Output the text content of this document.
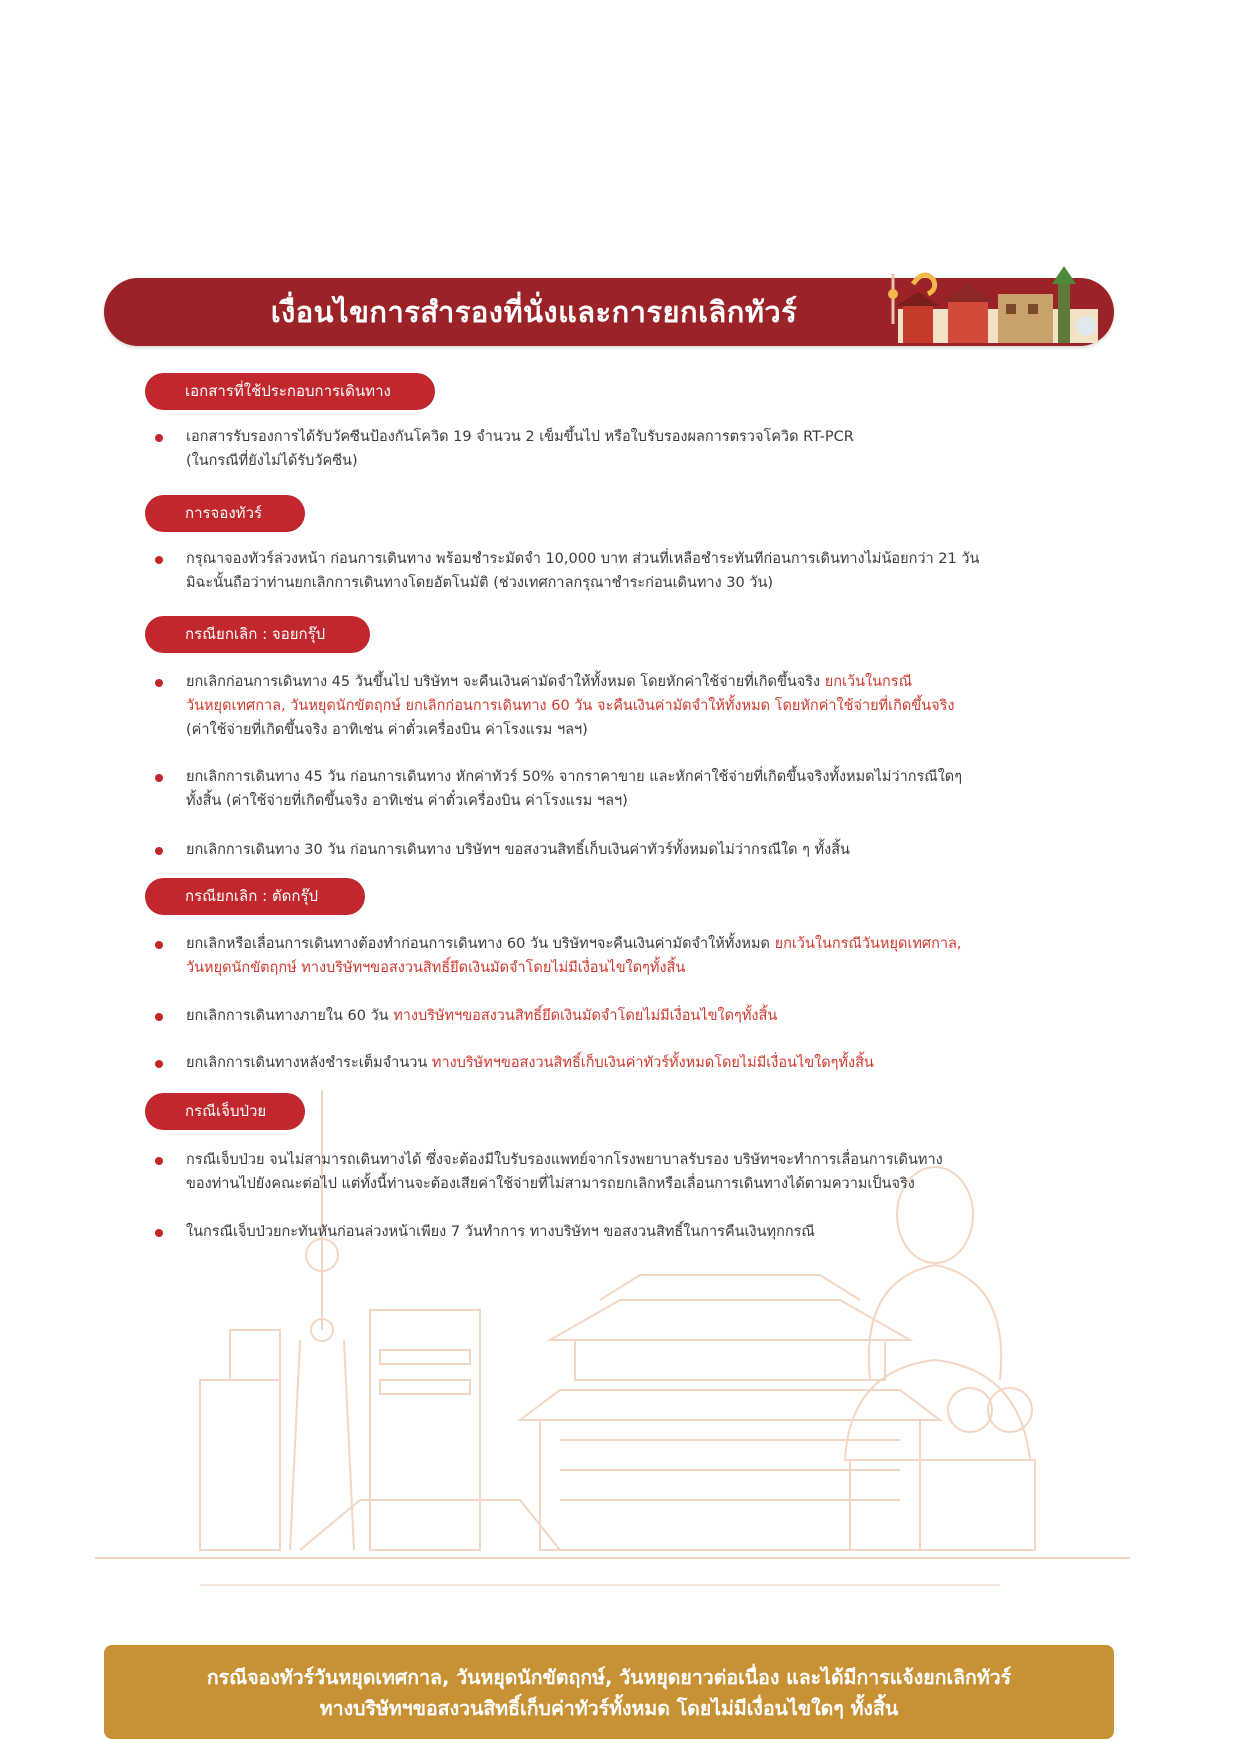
เงื่อนไขการสำรองที่นั่งและการยกเลิกทัวร์
เอกสารที่ใช้ประกอบการเดินทาง
เอกสารรับรองการได้รับวัคซีนป้องกันโควิด 19 จำนวน 2 เข็มขึ้นไป หรือใบรับรองผลการตรวจโควิด RT-PCR
(ในกรณีที่ยังไม่ได้รับวัคซีน)
การจองทัวร์
กรุณาจองทัวร์ล่วงหน้า ก่อนการเดินทาง พร้อมชำระมัดจำ 10,000 บาท ส่วนที่เหลือชำระทันทีก่อนการเดินทางไม่น้อยกว่า 21 วัน
มิฉะนั้นถือว่าท่านยกเลิกการเดินทางโดยอัตโนมัติ (ช่วงเทศกาลกรุณาชำระก่อนเดินทาง 30 วัน)
กรณียกเลิก : จอยกรุ๊ป
ยกเลิกก่อนการเดินทาง 45 วันขึ้นไป บริษัทฯ จะคืนเงินค่ามัดจำให้ทั้งหมด โดยหักค่าใช้จ่ายที่เกิดขึ้นจริง ยกเว้นในกรณี
วันหยุดเทศกาล, วันหยุดนักขัตฤกษ์ ยกเลิกก่อนการเดินทาง 60 วัน จะคืนเงินค่ามัดจำให้ทั้งหมด โดยหักค่าใช้จ่ายที่เกิดขึ้นจริง
(ค่าใช้จ่ายที่เกิดขึ้นจริง อาทิเช่น ค่าตั๋วเครื่องบิน ค่าโรงแรม ฯลฯ)
ยกเลิกการเดินทาง 45 วัน ก่อนการเดินทาง หักค่าทัวร์ 50% จากราคาขาย และหักค่าใช้จ่ายที่เกิดขึ้นจริงทั้งหมดไม่ว่ากรณีใดๆ
ทั้งสิ้น (ค่าใช้จ่ายที่เกิดขึ้นจริง อาทิเช่น ค่าตั๋วเครื่องบิน ค่าโรงแรม ฯลฯ)
ยกเลิกการเดินทาง 30 วัน ก่อนการเดินทาง บริษัทฯ ขอสงวนสิทธิ์เก็บเงินค่าทัวร์ทั้งหมดไม่ว่ากรณีใด ๆ ทั้งสิ้น
กรณียกเลิก : ตัดกรุ๊ป
ยกเลิกหรือเลื่อนการเดินทางต้องทำก่อนการเดินทาง 60 วัน บริษัทฯจะคืนเงินค่ามัดจำให้ทั้งหมด ยกเว้นในกรณีวันหยุดเทศกาล,
วันหยุดนักขัตฤกษ์ ทางบริษัทฯขอสงวนสิทธิ์ยึดเงินมัดจำโดยไม่มีเงื่อนไขใดๆทั้งสิ้น
ยกเลิกการเดินทางภายใน 60 วัน ทางบริษัทฯขอสงวนสิทธิ์ยึดเงินมัดจำโดยไม่มีเงื่อนไขใดๆทั้งสิ้น
ยกเลิกการเดินทางหลังชำระเต็มจำนวน ทางบริษัทฯขอสงวนสิทธิ์เก็บเงินค่าทัวร์ทั้งหมดโดยไม่มีเงื่อนไขใดๆทั้งสิ้น
กรณีเจ็บป่วย
กรณีเจ็บป่วย จนไม่สามารถเดินทางได้ ซึ่งจะต้องมีใบรับรองแพทย์จากโรงพยาบาลรับรอง บริษัทฯจะทำการเลื่อนการเดินทาง
ของท่านไปยังคณะต่อไป แต่ทั้งนี้ท่านจะต้องเสียค่าใช้จ่ายที่ไม่สามารถยกเลิกหรือเลื่อนการเดินทางได้ตามความเป็นจริง
ในกรณีเจ็บป่วยกะทันหันก่อนล่วงหน้าเพียง 7 วันทำการ ทางบริษัทฯ ขอสงวนสิทธิ์ในการคืนเงินทุกกรณี
กรณีจองทัวร์วันหยุดเทศกาล, วันหยุดนักขัตฤกษ์, วันหยุดยาวต่อเนื่อง และได้มีการแจ้งยกเลิกทัวร์
ทางบริษัทฯขอสงวนสิทธิ์เก็บค่าทัวร์ทั้งหมด โดยไม่มีเงื่อนไขใดๆ ทั้งสิ้น
